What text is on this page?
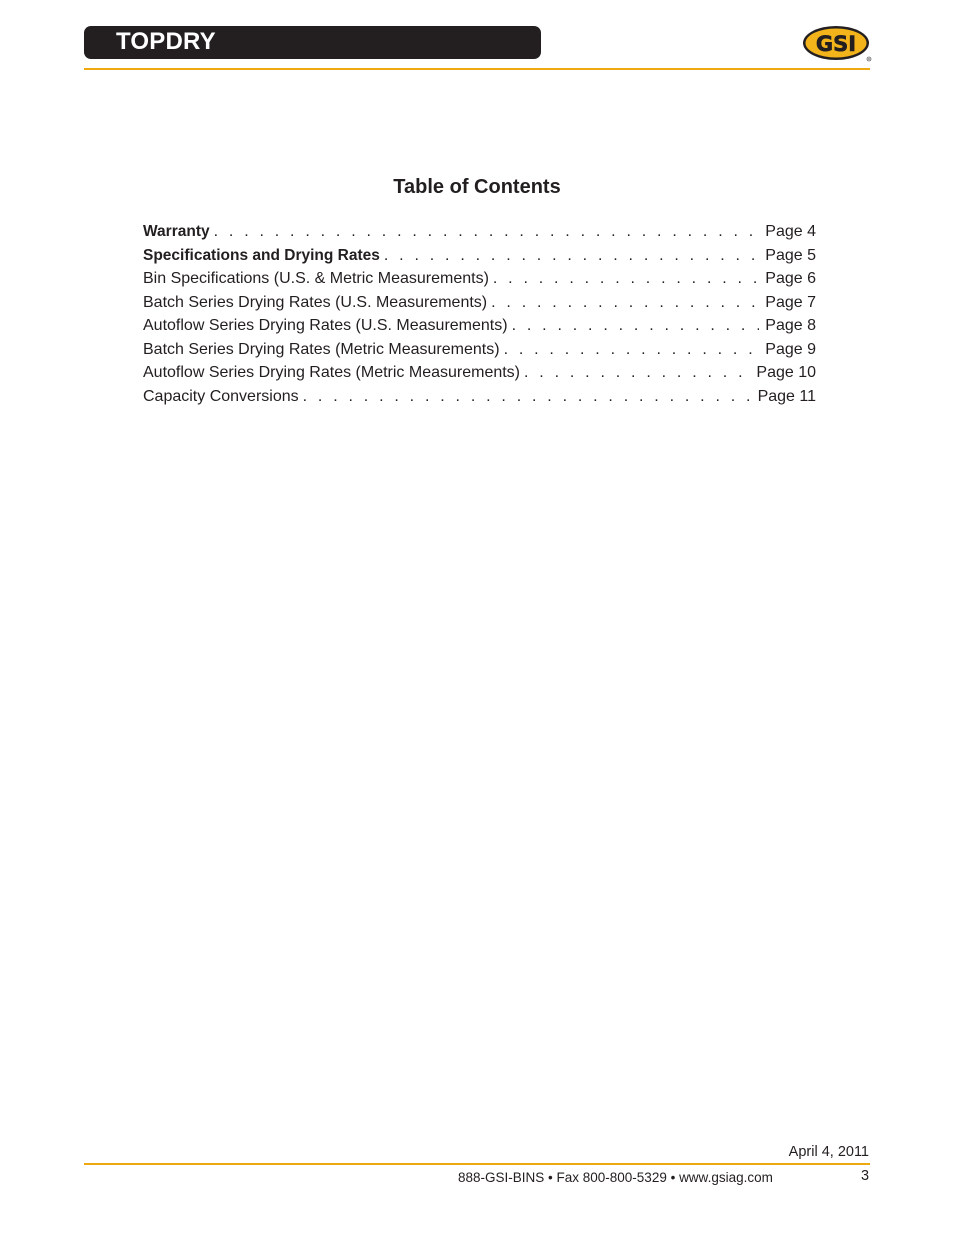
TOPDRY	GSI
R
Table of Contents
Warranty . . .	Page 4
Specifications and Drying Rates . . .	Page 5
Bin Specifications (U.S. & Metric Measurements) . . .	Page 6
Batch Series Drying Rates (U.S. Measurements) . . .	Page 7
Autoflow Series Drying Rates (U.S. Measurements) . . .	Page 8
Batch Series Drying Rates (Metric Measurements) . . .	Page 9
Autoflow Series Drying Rates (Metric Measurements) . . .	Page 10
Capacity Conversions . . .	Page 11
April 4, 2011
888-GSI-BINS • Fax 800-800-5329 • www.gsiag.com	3
